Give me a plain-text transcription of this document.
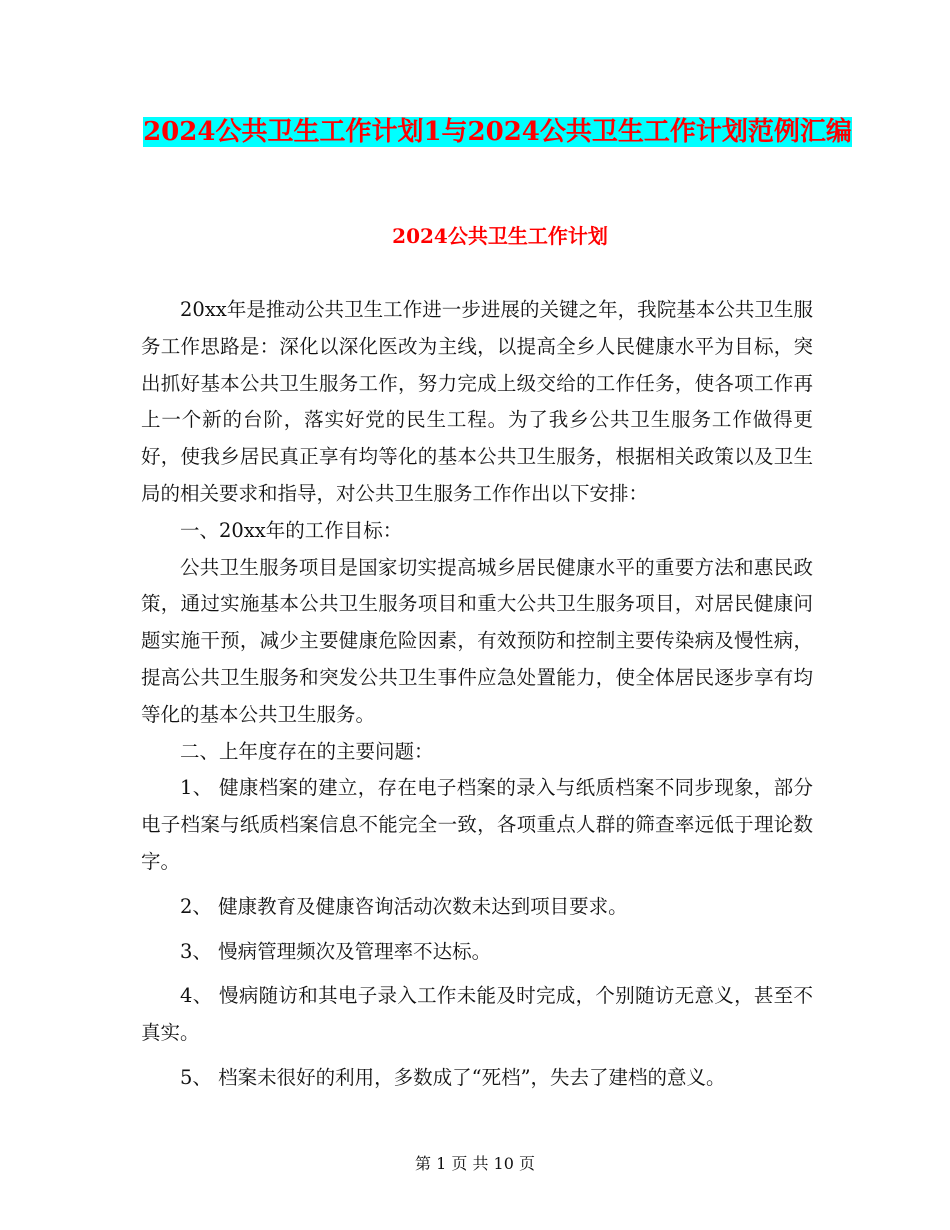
2024公共卫生工作计划1与2024公共卫生工作计划范例汇编
2024公共卫生工作计划

20xx年是推动公共卫生工作进一步进展的关键之年，我院基本公共卫生服务工作思路是：深化以深化医改为主线，以提高全乡人民健康水平为目标，突出抓好基本公共卫生服务工作，努力完成上级交给的工作任务，使各项工作再上一个新的台阶，落实好党的民生工程。为了我乡公共卫生服务工作做得更好，使我乡居民真正享有均等化的基本公共卫生服务，根据相关政策以及卫生局的相关要求和指导，对公共卫生服务工作作出以下安排：

一、20xx年的工作目标：

公共卫生服务项目是国家切实提高城乡居民健康水平的重要方法和惠民政策，通过实施基本公共卫生服务项目和重大公共卫生服务项目，对居民健康问题实施干预，减少主要健康危险因素，有效预防和控制主要传染病及慢性病，提高公共卫生服务和突发公共卫生事件应急处置能力，使全体居民逐步享有均等化的基本公共卫生服务。

二、上年度存在的主要问题：

1、 健康档案的建立，存在电子档案的录入与纸质档案不同步现象，部分电子档案与纸质档案信息不能完全一致，各项重点人群的筛查率远低于理论数字。

2、 健康教育及健康咨询活动次数未达到项目要求。

3、 慢病管理频次及管理率不达标。

4、 慢病随访和其电子录入工作未能及时完成，个别随访无意义，甚至不真实。

5、 档案未很好的利用，多数成了“死档”，失去了建档的意义。

第 1 页 共 10 页
